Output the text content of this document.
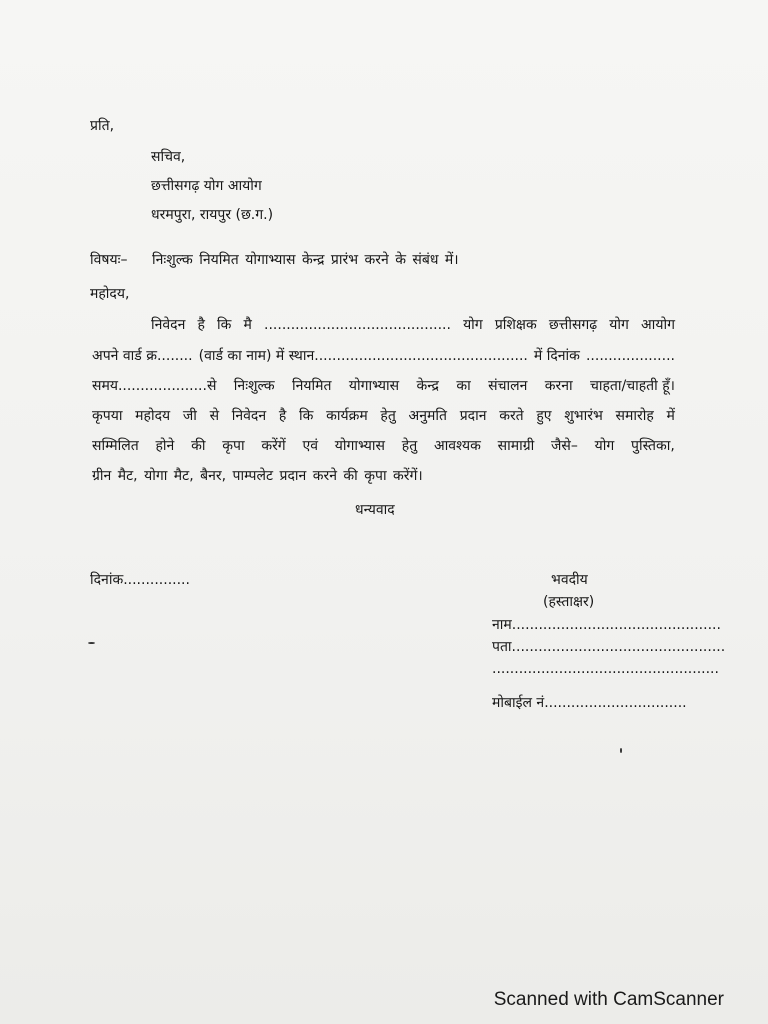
प्रति,
सचिव,
छत्तीसगढ़ योग आयोग
धरमपुरा, रायपुर (छ.ग.)
विषयः– निःशुल्क नियमित योगाभ्यास केन्द्र प्रारंभ करने के संबंध में।
महोदय,
निवेदन है कि मै .......................................... योग प्रशिक्षक छत्तीसगढ़ योग आयोग
अपने वार्ड क्र........ (वार्ड का नाम) में स्थान................................................ में दिनांक ....................
समय....................से निःशुल्क नियमित योगाभ्यास केन्द्र का संचालन करना चाहता/चाहती हूँ।
कृपया महोदय जी से निवेदन है कि कार्यक्रम हेतु अनुमति प्रदान करते हुए शुभारंभ समारोह में
सम्मिलित होने की कृपा करेंगें एवं योगाभ्यास हेतु आवश्यक सामाग्री जैसे– योग पुस्तिका,
ग्रीन मैट, योगा मैट, बैनर, पाम्पलेट प्रदान करने की कृपा करेंगें।
धन्यवाद
दिनांक...............	भवदीय
(हस्ताक्षर)
नाम...............................................
पता................................................
...................................................
मोबाईल नं................................
Scanned with CamScanner
